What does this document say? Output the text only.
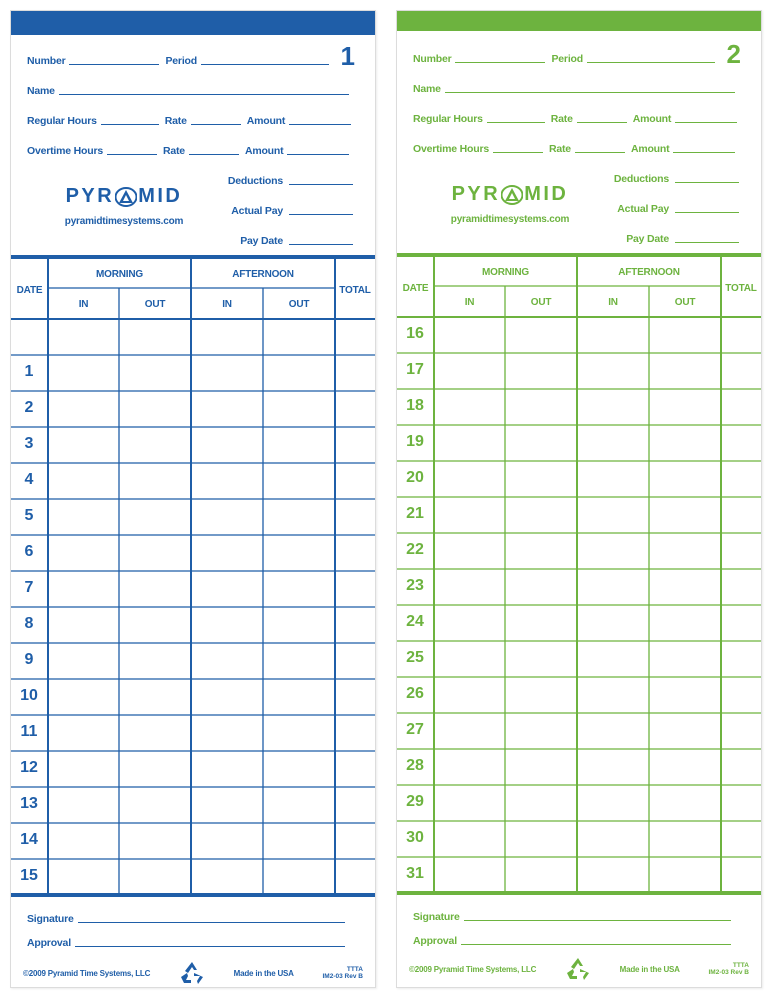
Number	Period	1
Name
Regular Hours	Rate	Amount
Overtime Hours	Rate	Amount
PYR MID
pyramidtimesystems.com
Deductions
Actual Pay
Pay Date
DATE
MORNING	AFTERNOON
TOTAL
IN	OUT	IN	OUT
1
2
3
4
5
6
7
8
9
10
11
12
13
14
15
Signature
Approval
©2009 Pyramid Time Systems, LLC	Made in the USA	TTTA
IM2-03 Rev B
Number	Period	2
Name
Regular Hours	Rate	Amount
Overtime Hours	Rate	Amount
PYR MID
pyramidtimesystems.com
Deductions
Actual Pay
Pay Date
DATE
MORNING	AFTERNOON
TOTAL
IN	OUT	IN	OUT
16
17
18
19
20
21
22
23
24
25
26
27
28
29
30
31
Signature
Approval
©2009 Pyramid Time Systems, LLC	Made in the USA	TTTA
IM2-03 Rev B
